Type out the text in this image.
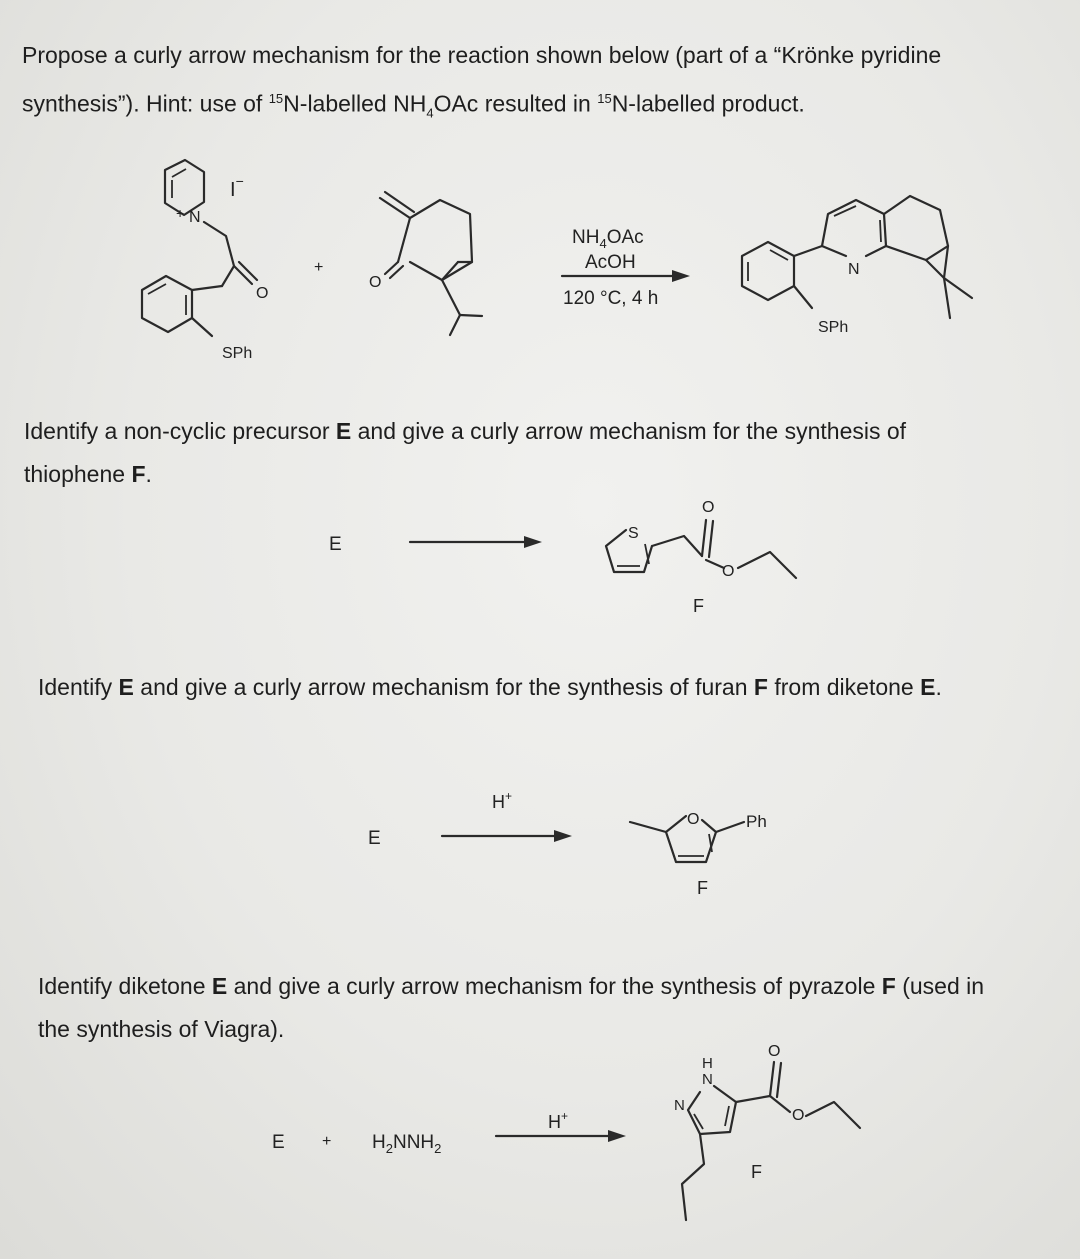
Propose a curly arrow mechanism for the reaction shown below (part of a “Krönke pyridine
synthesis”). Hint: use of $^{15}$N-labelled $NH_4OAc$ resulted in $^{15}$N-labelled product.
+ N
I−
O
SPh
+
O
$NH_4OAc$
AcOH
120 °C, 4 h
SPh
N
Identify a non-cyclic precursor E and give a curly arrow mechanism for the synthesis of
thiophene F.
E
S
O
O
F
Identify E and give a curly arrow mechanism for the synthesis of furan F from diketone E.
H+
E
O	Ph
F
Identify diketone E and give a curly arrow mechanism for the synthesis of pyrazole F (used in
the synthesis of Viagra).
$E + H_2NNH_2$
H+
H
N
N
O
O
F
